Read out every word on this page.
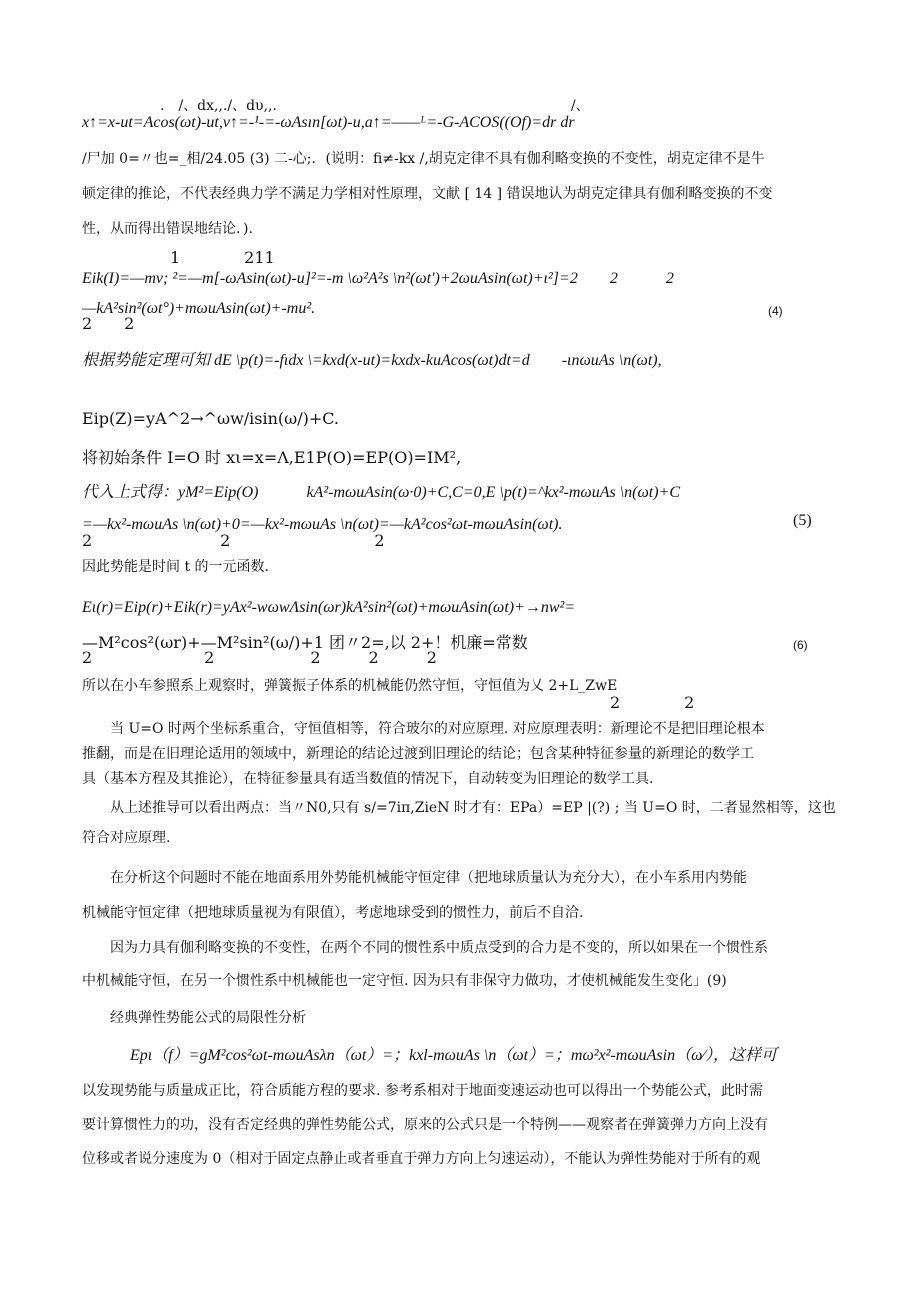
.　/、dx,,./、dυ,,.　　　　　　　　　　　　　　　　　　　　　/、
x↑=x-ut=Acos(ωt)-ut,v↑=-¹-=-ωAsın[ωt)-u,a↑=——ᴸ=-G-ACOS((Of)=dr dr
/尸加 0=〃也=_相/24.05 (3) 二-心;．(说明：fi≠-kx /,胡克定律不具有伽利略变换的不变性，胡克定律不是牛
顿定律的推论，不代表经典力学不满足力学相对性原理，文献 [ 14 ] 错误地认为胡克定律具有伽利略变换的不变
性，从而得出错误地结论．).
1　　　　211
Eik(I)=—mv; ²=—m[-ωAsin(ωt)-u]²=-m \ω²A²s \n²(ωt')+2ωuAsin(ωt)+ι²]=2　　2　　　2
—kA²sin²(ωt°)+mωuAsin(ωt)+-mu².
2　　2
(4)
根据势能定理可知 dE \p(t)=-fιdx \=kxd(x-ut)=kxdx-kuAcos(ωt)dt=d　　-ιnωuAs \n(ωt),
Eip(Z)=yA^2→^ωw∕isin(ω∕)+C.
将初始条件 I=O 时 xι=x=Λ,E1P(O)=EP(O)=IM²,
代入上式得：yM²=Eip(O)　　　kA²-mωuAsin(ω·0)+C,C=0,E \p(t)=^kx²-mωuAs \n(ωt)+C
=—kx²-mωuAs \n(ωt)+0=—kx²-mωuAs \n(ωt)=—kA²cos²ωt-mωuAsin(ωt).
2　　　　　　　　2　　　　　　　　　2
(5)
因此势能是时间 t 的一元函数.
Eι(r)=Eip(r)+Eik(r)=yAx²-wωwΛsin(ωr)kA²sin²(ωt)+mωuAsin(ωt)+→nw²=
—M²cos²(ωr)+—M²sin²(ω∕)+1 团〃2=,以 2+！机廉=常数
2　　　　　　　2　　　　　　2　　　2　　　2
(6)
所以在小车参照系上观察时，弹簧振子体系的机械能仍然守恒，守恒值为乂 2+L_ZwE
2　　　　2
　　当 U=O 时两个坐标系重合，守恒值相等，符合玻尔的对应原理. 对应原理表明：新理论不是把旧理论根本
推翻，而是在旧理论适用的领域中，新理论的结论过渡到旧理论的结论；包含某种特征参量的新理论的数学工
具（基本方程及其推论），在特征参量具有适当数值的情况下，自动转变为旧理论的数学工具.
　　从上述推导可以看出两点：当〃N0,只有 s∕=7iπ,ZieN 时才有：EPa）=EP |(?) ; 当 U=O 时，二者显然相等，这也
符合对应原理.
　　在分析这个问题时不能在地面系用外势能机械能守恒定律（把地球质量认为充分大），在小车系用内势能
机械能守恒定律（把地球质量视为有限值），考虑地球受到的惯性力，前后不自洽.
　　因为力具有伽利略变换的不变性，在两个不同的惯性系中质点受到的合力是不变的，所以如果在一个惯性系
中机械能守恒，在另一个惯性系中机械能也一定守恒. 因为只有非保守力做功，才使机械能发生变化」(9)
　　经典弹性势能公式的局限性分析
　　　Epι（f）=gM²cos²ωt-mωuAsλn（ωt）=；kxl-mωuAs \n（ωt）=；mω²x²-mωuAsin（ω∕），这样可
以发现势能与质量成正比，符合质能方程的要求. 参考系相对于地面变速运动也可以得出一个势能公式，此时需
要计算惯性力的功，没有否定经典的弹性势能公式，原来的公式只是一个特例——观察者在弹簧弹力方向上没有
位移或者说分速度为 0（相对于固定点静止或者垂直于弹力方向上匀速运动），不能认为弹性势能对于所有的观
